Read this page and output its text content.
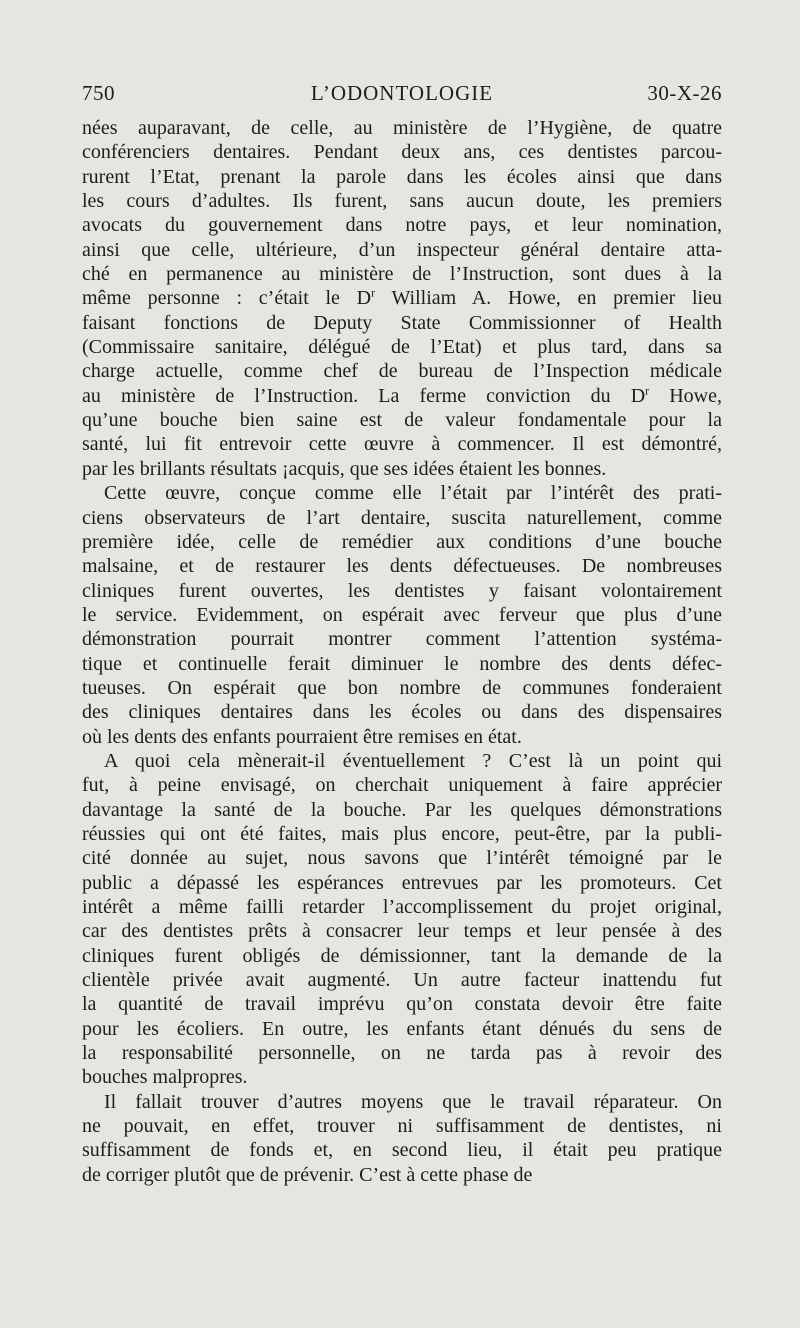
750	L’ODONTOLOGIE	30-X-26
nées auparavant, de celle, au ministère de l’Hygiène, de quatre
conférenciers dentaires. Pendant deux ans, ces dentistes parcou-
rurent l’Etat, prenant la parole dans les écoles ainsi que dans
les cours d’adultes. Ils furent, sans aucun doute, les premiers
avocats du gouvernement dans notre pays, et leur nomination,
ainsi que celle, ultérieure, d’un inspecteur général dentaire atta-
ché en permanence au ministère de l’Instruction, sont dues à la
même personne : c’était le $D^r$ William A. Howe, en premier lieu
faisant fonctions de Deputy State Commissionner of Health
(Commissaire sanitaire, délégué de l’Etat) et plus tard, dans sa
charge actuelle, comme chef de bureau de l’Inspection médicale
au ministère de l’Instruction. La ferme conviction du $D^r$ Howe,
qu’une bouche bien saine est de valeur fondamentale pour la
santé, lui fit entrevoir cette œuvre à commencer. Il est démontré,
par les brillants résultats ¡acquis, que ses idées étaient les bonnes.
Cette œuvre, conçue comme elle l’était par l’intérêt des prati-
ciens observateurs de l’art dentaire, suscita naturellement, comme
première idée, celle de remédier aux conditions d’une bouche
malsaine, et de restaurer les dents défectueuses. De nombreuses
cliniques furent ouvertes, les dentistes y faisant volontairement
le service. Evidemment, on espérait avec ferveur que plus d’une
démonstration pourrait montrer comment l’attention systéma-
tique et continuelle ferait diminuer le nombre des dents défec-
tueuses. On espérait que bon nombre de communes fonderaient
des cliniques dentaires dans les écoles ou dans des dispensaires
où les dents des enfants pourraient être remises en état.
A quoi cela mènerait-il éventuellement ? C’est là un point qui
fut, à peine envisagé, on cherchait uniquement à faire apprécier
davantage la santé de la bouche. Par les quelques démonstrations
réussies qui ont été faites, mais plus encore, peut-être, par la publi-
cité donnée au sujet, nous savons que l’intérêt témoigné par le
public a dépassé les espérances entrevues par les promoteurs. Cet
intérêt a même failli retarder l’accomplissement du projet original,
car des dentistes prêts à consacrer leur temps et leur pensée à des
cliniques furent obligés de démissionner, tant la demande de la
clientèle privée avait augmenté. Un autre facteur inattendu fut
la quantité de travail imprévu qu’on constata devoir être faite
pour les écoliers. En outre, les enfants étant dénués du sens de
la responsabilité personnelle, on ne tarda pas à revoir des
bouches malpropres.
Il fallait trouver d’autres moyens que le travail réparateur. On
ne pouvait, en effet, trouver ni suffisamment de dentistes, ni
suffisamment de fonds et, en second lieu, il était peu pratique
de corriger plutôt que de prévenir. C’est à cette phase de
